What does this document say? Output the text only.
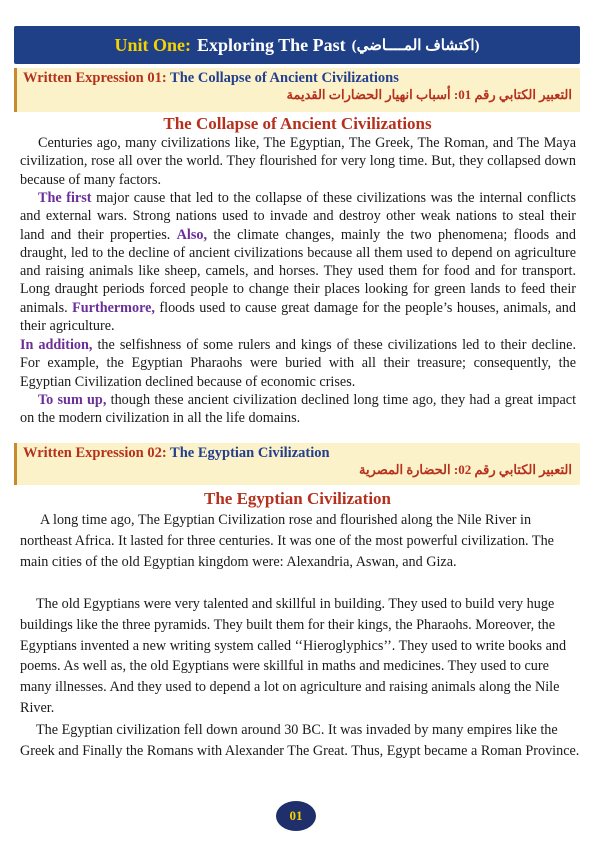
Unit One: Exploring The Past (اكتشاف المــــاضي)
Written Expression 01: The Collapse of Ancient Civilizations
التعبير الكتابي رقم 01: أسباب انهيار الحضارات القديمة
The Collapse of Ancient Civilizations

Centuries ago, many civilizations like, The Egyptian, The Greek, The Roman, and The Maya civilization, rose all over the world. They flourished for very long time. But, they collapsed down because of many factors.

The first major cause that led to the collapse of these civilizations was the internal conflicts and external wars. Strong nations used to invade and destroy other weak nations to steal their land and their properties. Also, the climate changes, mainly the two phenomena; floods and draught, led to the decline of ancient civilizations because all them used to depend on agriculture and raising animals like sheep, camels, and horses. They used them for food and for transport. Long draught periods forced people to change their places looking for green lands to feed their animals. Furthermore, floods used to cause great damage for the people’s houses, animals, and their agriculture.

In addition, the selfishness of some rulers and kings of these civilizations led to their decline. For example, the Egyptian Pharaohs were buried with all their treasure; consequently, the Egyptian Civilization declined because of economic crises.

To sum up, though these ancient civilization declined long time ago, they had a great impact on the modern civilization in all the life domains.

Written Expression 02: The Egyptian Civilization
التعبير الكتابي رقم 02: الحضارة المصرية
The Egyptian Civilization

A long time ago, The Egyptian Civilization rose and flourished along the Nile River in northeast Africa. It lasted for three centuries. It was one of the most powerful civilization. The main cities of the old Egyptian kingdom were: Alexandria, Aswan, and Giza.

The old Egyptians were very talented and skillful in building. They used to build very huge buildings like the three pyramids. They built them for their kings, the Pharaohs. Moreover, the Egyptians invented a new writing system called ‘‘Hieroglyphics’’. They used to write books and poems. As well as, the old Egyptians were skillful in maths and medicines. They used to cure many illnesses. And they used to depend a lot on agriculture and raising animals along the Nile River.

The Egyptian civilization fell down around 30 BC. It was invaded by many empires like the Greek and Finally the Romans with Alexander The Great. Thus, Egypt became a Roman Province.

01
